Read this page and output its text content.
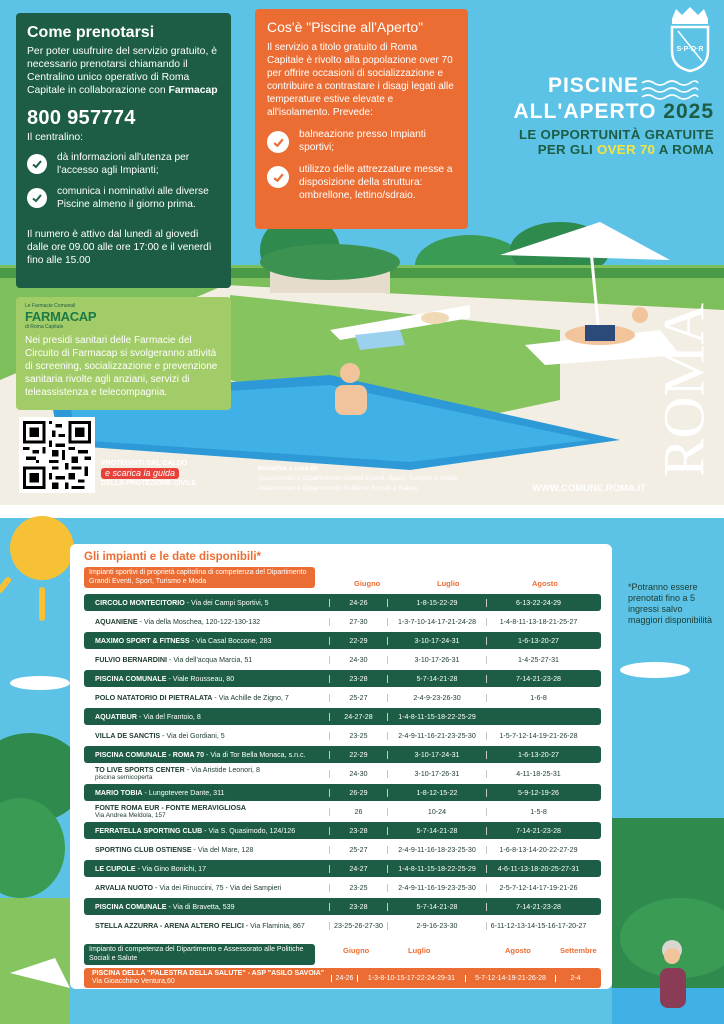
Come prenotarsi
Per poter usufruire del servizio gratuito, è necessario prenotarsi chiamando il Centralino unico operativo di Roma Capitale in collaborazione con Farmacap
800 957774
Il centralino:
dà informazioni all'utenza per l'accesso agli Impianti;
comunica i nominativi alle diverse Piscine almeno il giorno prima.
Il numero è attivo dal lunedì al giovedì dalle ore 09.00 alle ore 17:00 e il venerdì fino alle 15.00
Cos'è "Piscine all'Aperto"
Il servizio a titolo gratuito di Roma Capitale è rivolto alla popolazione over 70 per offrire occasioni di socializzazione e contribuire a contrastare i disagi legati alle temperature estive elevate e all'isolamento. Prevede:
balneazione presso Impianti sportivi;
utilizzo delle attrezzature messe a disposizione della struttura: ombrellone, lettino/sdraio.
Le Farmacie Comunali
FARMACAP
di Roma Capitale
Nei presidi sanitari delle Farmacie del Circuito di Farmacap si svolgeranno attività di screening, socializzazione e prevenzione sanitaria rivolte agli anziani, servizi di teleassistenza e telecompagnia.
PROTEGGITI DAL CALDO
e scarica la guida
DELLA PROTEZIONE CIVILE
Iniziativa a cura di:
Assessorato e Dipartimento Grandi Eventi, Sport, Turismo e Moda
Assessorato e Dipartimento Politiche Sociali e Salute	WWW.COMUNE.ROMA.IT
S·P·Q·R
PISCINE
ALL'APERTO 2025
LE OPPORTUNITÀ GRATUITE
PER GLI OVER 70 A ROMA
ROMA
Gli impianti e le date disponibili*
Impianti sportivi di proprietà capitolina di competenza del Dipartimento Grandi Eventi, Sport, Turismo e Moda	Giugno	Luglio	Agosto
CIRCOLO MONTECITORIO - Via dei Campi Sportivi, 5	24-26	1-8-15-22-29	6-13-22-24-29
AQUANIENE - Via della Moschea, 120-122-130-132	27-30	1-3-7-10-14-17-21-24-28	1-4-8-11-13-18-21-25-27
MAXIMO SPORT & FITNESS - Via Casal Boccone, 283	22-29	3-10-17-24-31	1-6-13-20-27
FULVIO BERNARDINI - Via dell'acqua Marcia, 51	24-30	3-10-17-26-31	1-4-25-27-31
PISCINA COMUNALE - Viale Rousseau, 80	23-28	5-7-14-21-28	7-14-21-23-28
POLO NATATORIO DI PIETRALATA - Via Achille de Zigno, 7	25-27	2-4-9-23-26-30	1-6-8
AQUATIBUR - Via del Frantoio, 8	24-27-28	1-4-8-11-15-18-22-25-29
VILLA DE SANCTIS - Via dei Gordiani, 5	23-25	2-4-9-11-16-21-23-25-30	1-5-7-12-14-19-21-26-28
PISCINA COMUNALE - ROMA 70 - Via di Tor Bella Monaca, s.n.c.	22-29	3-10-17-24-31	1-6-13-20-27
TO LIVE SPORTS CENTER - Via Aristide Leonori, 8
piscina semicoperta	24-30	3-10-17-26-31	4-11-18-25-31
MARIO TOBIA - Lungotevere Dante, 311	26-29	1-8-12-15-22	5-9-12-19-26
FONTE ROMA EUR - FONTE MERAVIGLIOSA
Via Andrea Meldola, 157	26	10-24	1-5-8
FERRATELLA SPORTING CLUB - Via S. Quasimodo, 124/126	23-28	5-7-14-21-28	7-14-21-23-28
SPORTING CLUB OSTIENSE - Via del Mare, 128	25-27	2-4-9-11-16-18-23-25-30	1-6-8-13-14-20-22-27-29
LE CUPOLE - Via Gino Bonichi, 17	24-27	1-4-8-11-15-18-22-25-29	4-6-11-13-18-20-25-27-31
ARVALIA NUOTO - Via dei Rinuccini, 75 - Via dei Sampieri	23-25	2-4-9-11-16-19-23-25-30	2-5-7-12-14-17-19-21-26
PISCINA COMUNALE - Via di Bravetta, 539	23-28	5-7-14-21-28	7-14-21-23-28
STELLA AZZURRA - ARENA ALTERO FELICI - Via Flaminia, 867	23-25-26-27-30	2-9-16-23-30	6-11-12-13-14-15-16-17-20-27
Impianto di competenza del Dipartimento e Assessorato alle Politiche Sociali e Salute
Giugno	Luglio	Agosto	Settembre
PISCINA DELLA "PALESTRA DELLA SALUTE" - ASP "ASILO SAVOIA"
Via Gioacchino Ventura,60	24-26	1-3-8-10-15-17-22-24-29-31	5-7-12-14-19-21-26-28	2-4
*Potranno essere prenotati fino a 5 ingressi salvo maggiori disponibilità
